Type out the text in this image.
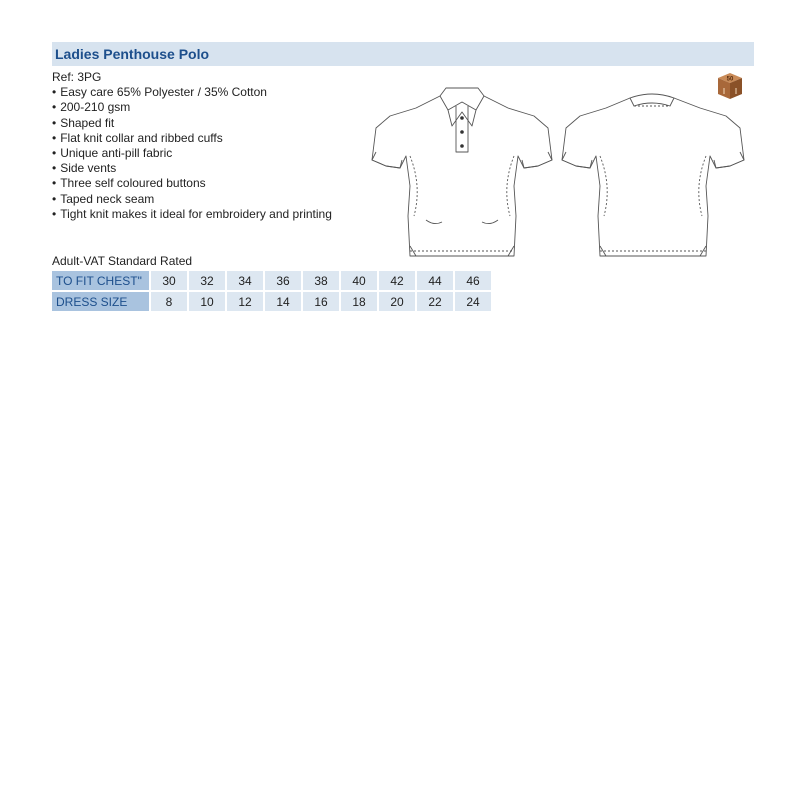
Ladies Penthouse Polo
50
Ref: 3PG
• Easy care 65% Polyester / 35% Cotton
• 200-210 gsm
• Shaped fit
• Flat knit collar and ribbed cuffs
• Unique anti-pill fabric
• Side vents
• Three self coloured buttons
• Taped neck seam
• Tight knit makes it ideal for embroidery and printing
Adult-VAT Standard Rated
TO FIT CHEST"	30	32	34	36	38	40	42	44	46
DRESS SIZE	8	10	12	14	16	18	20	22	24
